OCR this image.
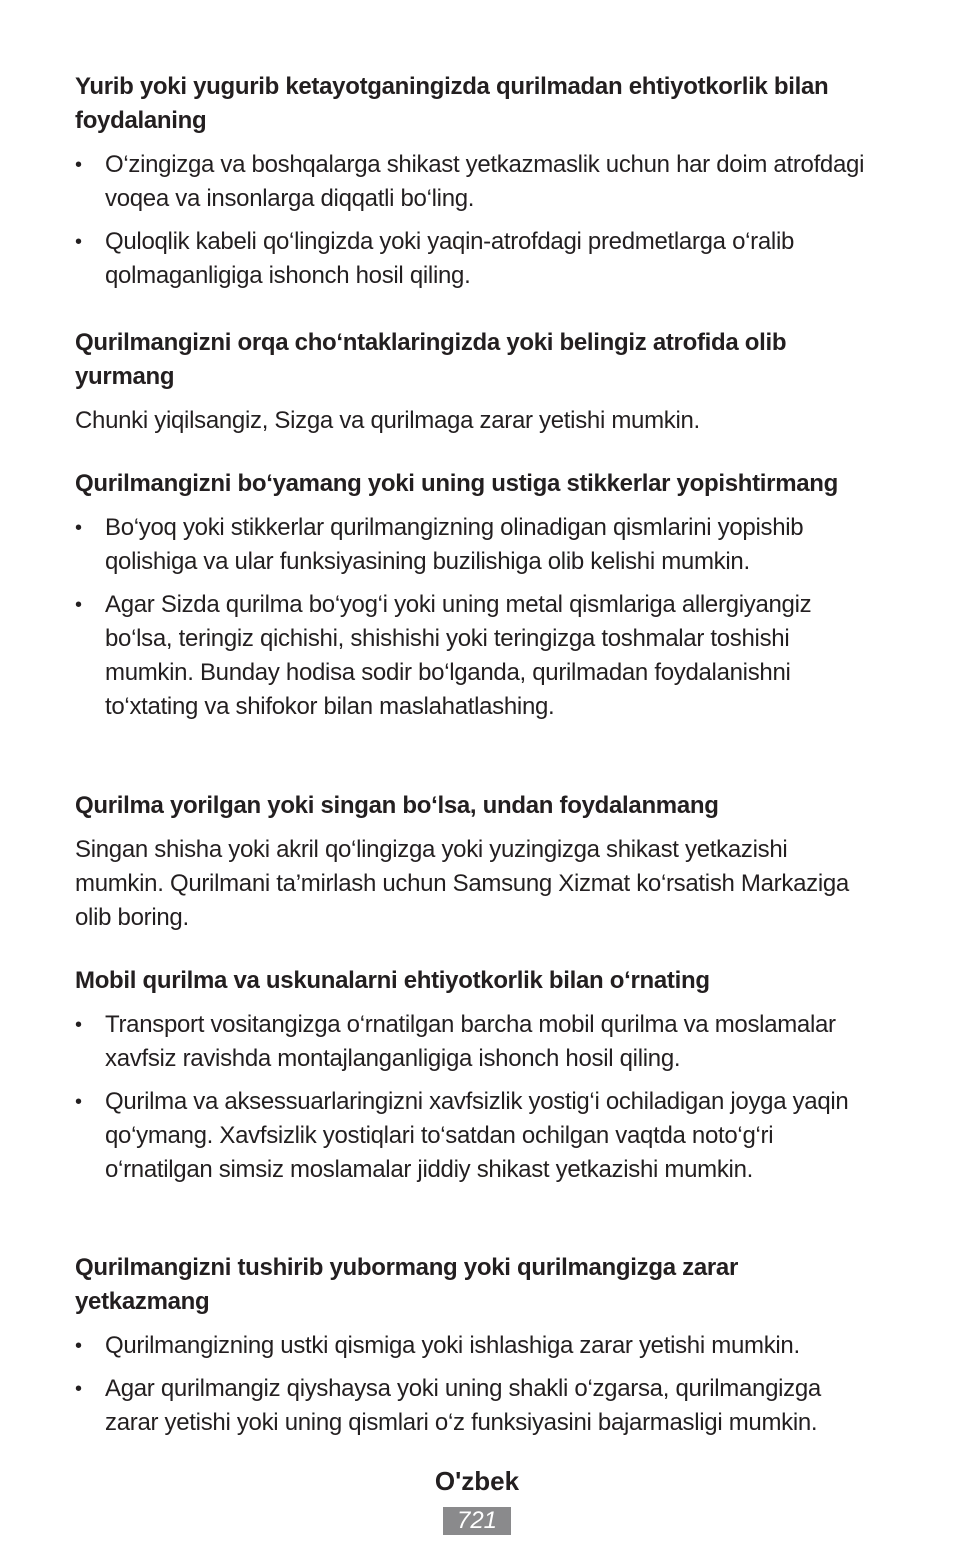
Yurib yoki yugurib ketayotganingizda qurilmadan ehtiyotkorlik bilan foydalaning
• O‘zingizga va boshqalarga shikast yetkazmaslik uchun har doim atrofdagi voqea va insonlarga diqqatli bo‘ling.
• Quloqlik kabeli qo‘lingizda yoki yaqin-atrofdagi predmetlarga o‘ralib qolmaganligiga ishonch hosil qiling.
Qurilmangizni orqa cho‘ntaklaringizda yoki belingiz atrofida olib yurmang

Chunki yiqilsangiz, Sizga va qurilmaga zarar yetishi mumkin.

Qurilmangizni bo‘yamang yoki uning ustiga stikkerlar yopishtirmang
• Bo‘yoq yoki stikkerlar qurilmangizning olinadigan qismlarini yopishib qolishiga va ular funksiyasining buzilishiga olib kelishi mumkin.
• Agar Sizda qurilma bo‘yog‘i yoki uning metal qismlariga allergiyangiz bo‘lsa, teringiz qichishi, shishishi yoki teringizga toshmalar toshishi mumkin. Bunday hodisa sodir bo‘lganda, qurilmadan foydalanishni to‘xtating va shifokor bilan maslahatlashing.
Qurilma yorilgan yoki singan bo‘lsa, undan foydalanmang

Singan shisha yoki akril qo‘lingizga yoki yuzingizga shikast yetkazishi mumkin. Qurilmani ta’mirlash uchun Samsung Xizmat ko‘rsatish Markaziga olib boring.

Mobil qurilma va uskunalarni ehtiyotkorlik bilan o‘rnating
• Transport vositangizga o‘rnatilgan barcha mobil qurilma va moslamalar xavfsiz ravishda montajlanganligiga ishonch hosil qiling.
• Qurilma va aksessuarlaringizni xavfsizlik yostig‘i ochiladigan joyga yaqin qo‘ymang. Xavfsizlik yostiqlari to‘satdan ochilgan vaqtda noto‘g‘ri o‘rnatilgan simsiz moslamalar jiddiy shikast yetkazishi mumkin.
Qurilmangizni tushirib yubormang yoki qurilmangizga zarar yetkazmang
• Qurilmangizning ustki qismiga yoki ishlashiga zarar yetishi mumkin.
• Agar qurilmangiz qiyshaysa yoki uning shakli o‘zgarsa, qurilmangizga zarar yetishi yoki uning qismlari o‘z funksiyasini bajarmasligi mumkin.
O'zbek
721
